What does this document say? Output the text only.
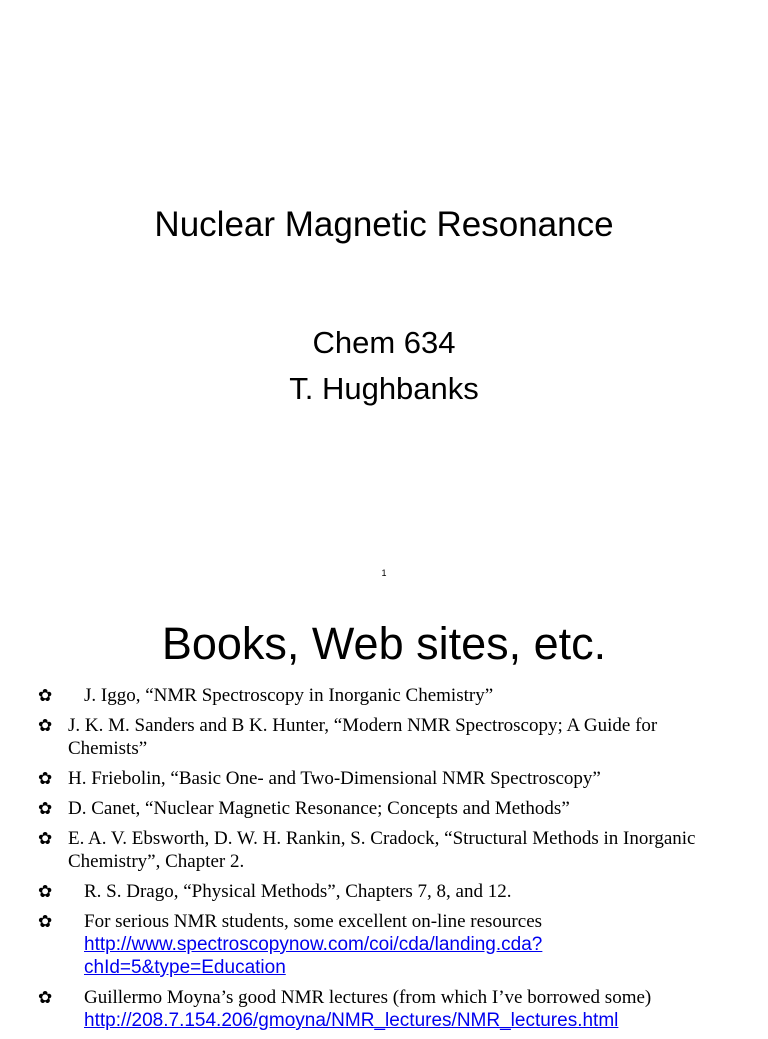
Nuclear Magnetic Resonance
Chem 634
T. Hughbanks
1
Books, Web sites, etc.
✿ J. Iggo, “NMR Spectroscopy in Inorganic Chemistry”
✿ J. K. M. Sanders and B K. Hunter, “Modern NMR Spectroscopy; A Guide for Chemists”
✿ H. Friebolin, “Basic One- and Two-Dimensional NMR Spectroscopy”
✿ D. Canet, “Nuclear Magnetic Resonance; Concepts and Methods”
✿ E. A. V. Ebsworth, D. W. H. Rankin, S. Cradock, “Structural Methods in Inorganic Chemistry”, Chapter 2.
✿ R. S. Drago, “Physical Methods”, Chapters 7, 8, and 12.
✿ For serious NMR students, some excellent on-line resources http://www.spectroscopynow.com/coi/cda/landing.cda?chId=5&type=Education
✿ Guillermo Moyna’s good NMR lectures (from which I’ve borrowed some) http://208.7.154.206/gmoyna/NMR_lectures/NMR_lectures.html
